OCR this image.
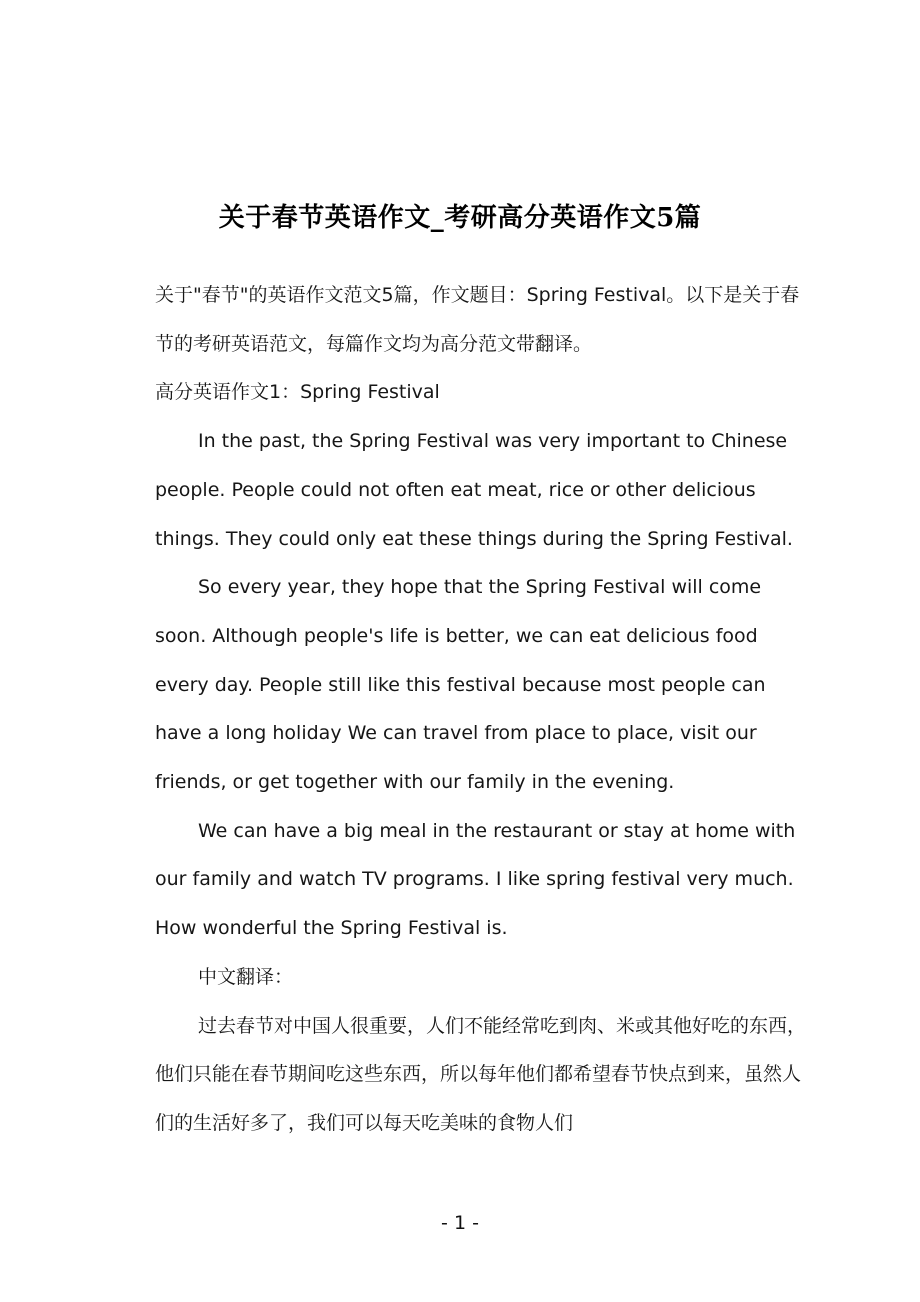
关于春节英语作文_考研高分英语作文5篇

关于"春节"的英语作文范文5篇，作文题目：Spring Festival。以下是关于春节的考研英语范文，每篇作文均为高分范文带翻译。

高分英语作文1：Spring Festival

In the past, the Spring Festival was very important to Chinese people. People could not often eat meat, rice or other delicious things. They could only eat these things during the Spring Festival.

So every year, they hope that the Spring Festival will come soon. Although people's life is better, we can eat delicious food every day. People still like this festival because most people can have a long holiday We can travel from place to place, visit our friends, or get together with our family in the evening.

We can have a big meal in the restaurant or stay at home with our family and watch TV programs. I like spring festival very much. How wonderful the Spring Festival is.

中文翻译：

过去春节对中国人很重要，人们不能经常吃到肉、米或其他好吃的东西，他们只能在春节期间吃这些东西，所以每年他们都希望春节快点到来，虽然人们的生活好多了，我们可以每天吃美味的食物人们

- 1 -
